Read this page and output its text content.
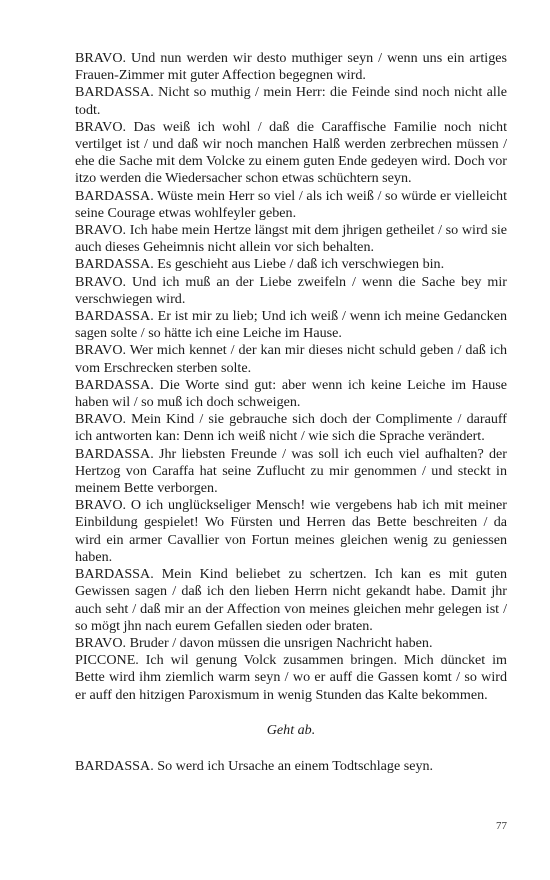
BRAVO. Und nun werden wir desto muthiger seyn / wenn uns ein artiges Frauen-Zimmer mit guter Affection begegnen wird.

BARDASSA. Nicht so muthig / mein Herr: die Feinde sind noch nicht alle todt.

BRAVO. Das weiß ich wohl / daß die Caraffische Familie noch nicht vertilget ist / und daß wir noch manchen Halß werden zerbrechen müssen / ehe die Sache mit dem Volcke zu einem guten Ende gedeyen wird. Doch vor itzo werden die Wiedersacher schon etwas schüchtern seyn.

BARDASSA. Wüste mein Herr so viel / als ich weiß / so würde er vielleicht seine Courage etwas wohlfeyler geben.

BRAVO. Ich habe mein Hertze längst mit dem jhrigen getheilet / so wird sie auch dieses Geheimnis nicht allein vor sich behalten.

BARDASSA. Es geschieht aus Liebe / daß ich verschwiegen bin.

BRAVO. Und ich muß an der Liebe zweifeln / wenn die Sache bey mir verschwiegen wird.

BARDASSA. Er ist mir zu lieb; Und ich weiß / wenn ich meine Gedancken sagen solte / so hätte ich eine Leiche im Hause.

BRAVO. Wer mich kennet / der kan mir dieses nicht schuld geben / daß ich vom Erschrecken sterben solte.

BARDASSA. Die Worte sind gut: aber wenn ich keine Leiche im Hause haben wil / so muß ich doch schweigen.

BRAVO. Mein Kind / sie gebrauche sich doch der Complimente / darauff ich antworten kan: Denn ich weiß nicht / wie sich die Sprache verändert.

BARDASSA. Jhr liebsten Freunde / was soll ich euch viel aufhalten? der Hertzog von Caraffa hat seine Zuflucht zu mir genommen / und steckt in meinem Bette verborgen.

BRAVO. O ich unglückseliger Mensch! wie vergebens hab ich mit meiner Einbildung gespielet! Wo Fürsten und Herren das Bette beschreiten / da wird ein armer Cavallier von Fortun meines gleichen wenig zu geniessen haben.

BARDASSA. Mein Kind beliebet zu schertzen. Ich kan es mit guten Gewissen sagen / daß ich den lieben Herrn nicht gekandt habe. Damit jhr auch seht / daß mir an der Affection von meines gleichen mehr gelegen ist / so mögt jhn nach eurem Gefallen sieden oder braten.

BRAVO. Bruder / davon müssen die unsrigen Nachricht haben.

PICCONE. Ich wil genung Volck zusammen bringen. Mich düncket im Bette wird ihm ziemlich warm seyn / wo er auff die Gassen komt / so wird er auff den hitzigen Paroxismum in wenig Stunden das Kalte bekommen.

Geht ab.

BARDASSA. So werd ich Ursache an einem Todtschlage seyn.

77
